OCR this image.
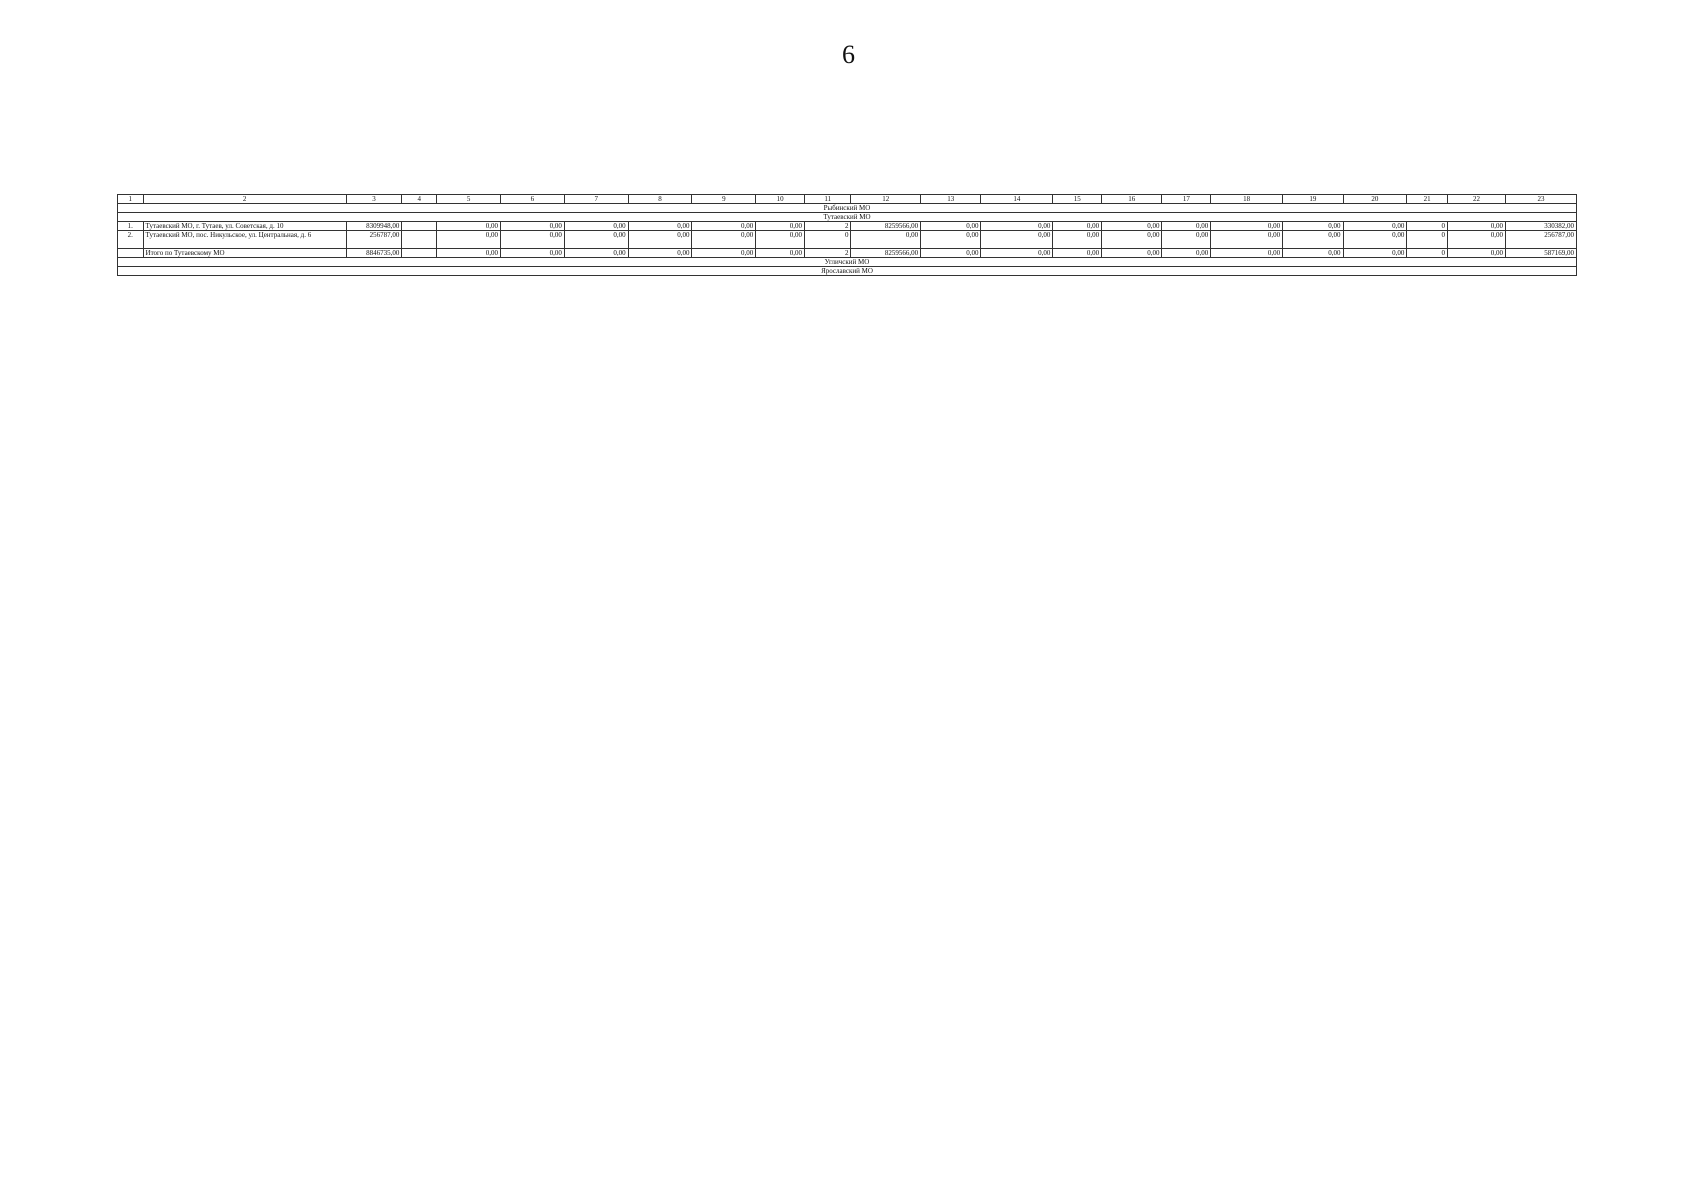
6
1	2	3	4	5	6	7	8	9	10	11	12	13	14	15	16	17	18	19	20	21	22	23
Рыбинский МО																						
Тутаевский МО																						
1.	Тутаевский МО, г. Тутаев, ул. Советская, д. 10	8309948,00		0,00	0,00	0,00	0,00	0,00	0,00	2	8259566,00	0,00	0,00	0,00	0,00	0,00	0,00	0,00	0,00	0	0,00	330382,00
2.	Тутаевский МО, пос. Никульское, ул. Центральная, д. 6	256787,00		0,00	0,00	0,00	0,00	0,00	0,00	0	0,00	0,00	0,00	0,00	0,00	0,00	0,00	0,00	0,00	0	0,00	256787,00
	Итого по Тутаевскому МО	8846735,00		0,00	0,00	0,00	0,00	0,00	0,00	2	8259566,00	0,00	0,00	0,00	0,00	0,00	0,00	0,00	0,00	0	0,00	587169,00
Угличский МО																						
Ярославский МО																						
